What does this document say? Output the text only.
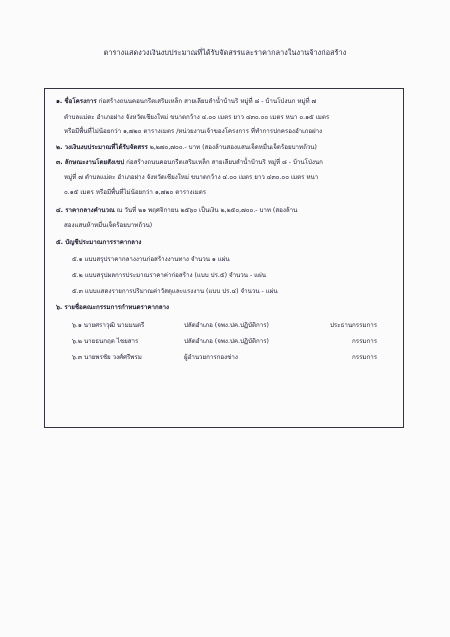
ตารางแสดงวงเงินงบประมาณที่ได้รับจัดสรรและราคากลางในงานจ้างก่อสร้าง
๑. ชื่อโครงการ ก่อสร้างถนนคอนกรีตเสริมเหล็ก สายเลียบลำน้ำบ้านริ หมู่ที่ ๘ - บ้านโป่งนก หมู่ที่ ๗
ตำบลแม่ตะ อำเภอฝาง จังหวัดเชียงใหม่ ขนาดกว้าง ๔.๐๐ เมตร ยาว ๔๓๐.๐๐ เมตร หนา ๐.๑๕ เมตร
หรือมีพื้นที่ไม่น้อยกว่า ๑,๗๒๐ ตารางเมตร /หน่วยงานเจ้าของโครงการ ที่ทำการปกครองอำเภอฝาง
๒. วงเงินงบประมาณที่ได้รับจัดสรร ๒,๒๗๐,๗๐๐.- บาท (สองล้านสองแสนเจ็ดหมื่นเจ็ดร้อยบาทถ้วน)
๓. ลักษณะงานโดยสังเขป ก่อสร้างถนนคอนกรีตเสริมเหล็ก สายเลียบลำน้ำบ้านริ หมู่ที่ ๘ - บ้านโป่งนก
หมู่ที่ ๗ ตำบลแม่ตะ อำเภอฝาง จังหวัดเชียงใหม่ ขนาดกว้าง ๔.๐๐ เมตร ยาว ๔๓๐.๐๐ เมตร หนา
๐.๑๕ เมตร หรือมีพื้นที่ไม่น้อยกว่า ๑,๗๒๐ ตารางเมตร
๔. ราคากลางคำนวณ ณ วันที่ ๒๑ พฤศจิกายน ๒๕๖๐ เป็นเงิน ๒,๒๕๐,๗๐๐.- บาท (สองล้าน
สองแสนห้าหมื่นเจ็ดร้อยบาทถ้วน)
๕. บัญชีประมาณการราคากลาง
๕.๑ แบบสรุปราคากลางงานก่อสร้างงานทาง จำนวน ๑ แผ่น
๕.๒ แบบสรุปผลการประมาณราคาค่าก่อสร้าง (แบบ ปร.๕) จำนวน - แผ่น
๕.๓ แบบแสดงรายการปริมาณค่าวัสดุและแรงงาน (แบบ ปร.๔) จำนวน - แผ่น
๖. รายชื่อคณะกรรมการกำหนดราคากลาง
๖.๑ นายศราวุฒิ นามมนตรี	ปลัดอำเภอ (จพง.ปค.ปฏิบัติการ)	ประธานกรรมการ
๖.๒ นายธนกฤต ไชยสาร	ปลัดอำเภอ (จพง.ปค.ปฏิบัติการ)	กรรมการ
๖.๓ นายพรชัย วงศ์ศรีพรม	ผู้อำนวยการกองช่าง	กรรมการ
